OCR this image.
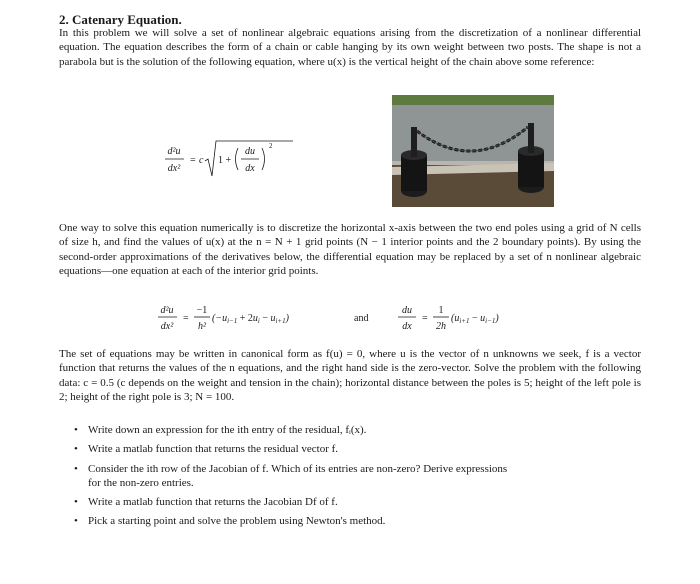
2. Catenary Equation.
In this problem we will solve a set of nonlinear algebraic equations arising from the discretization of a nonlinear differential equation. The equation describes the form of a chain or cable hanging by its own weight between two posts. The shape is not a parabola but is the solution of the following equation, where u(x) is the vertical height of the chain above some reference:
d²u
dx²
= c 1 +
du
dx
2
One way to solve this equation numerically is to discretize the horizontal x-axis between the two end poles using a grid of N cells of size h, and find the values of u(x) at the n = N + 1 grid points (N − 1 interior points and the 2 boundary points). By using the second-order approximations of the derivatives below, the differential equation may be replaced by a set of n nonlinear algebraic equations—one equation at each of the interior grid points.
d²u
dx²
=
−1
h²
$(-u_{i-1} + 2u_i - u_{i+1})$	and
du
dx
=
1
2h
$(u_{i+1} - u_{i-1})$
The set of equations may be written in canonical form as f(u) = 0, where u is the vector of n unknowns we seek, f is a vector function that returns the values of the n equations, and the right hand side is the zero-vector. Solve the problem with the following data: c = 0.5 (c depends on the weight and tension in the chain); horizontal distance between the poles is 5; height of the left pole is 2; height of the right pole is 3; N = 100.
• Write down an expression for the ith entry of the residual, fᵢ(x).
• Write a matlab function that returns the residual vector f.
• Consider the ith row of the Jacobian of f. Which of its entries are non-zero? Derive expressions
for the non-zero entries.
• Write a matlab function that returns the Jacobian Df of f.
• Pick a starting point and solve the problem using Newton's method.
